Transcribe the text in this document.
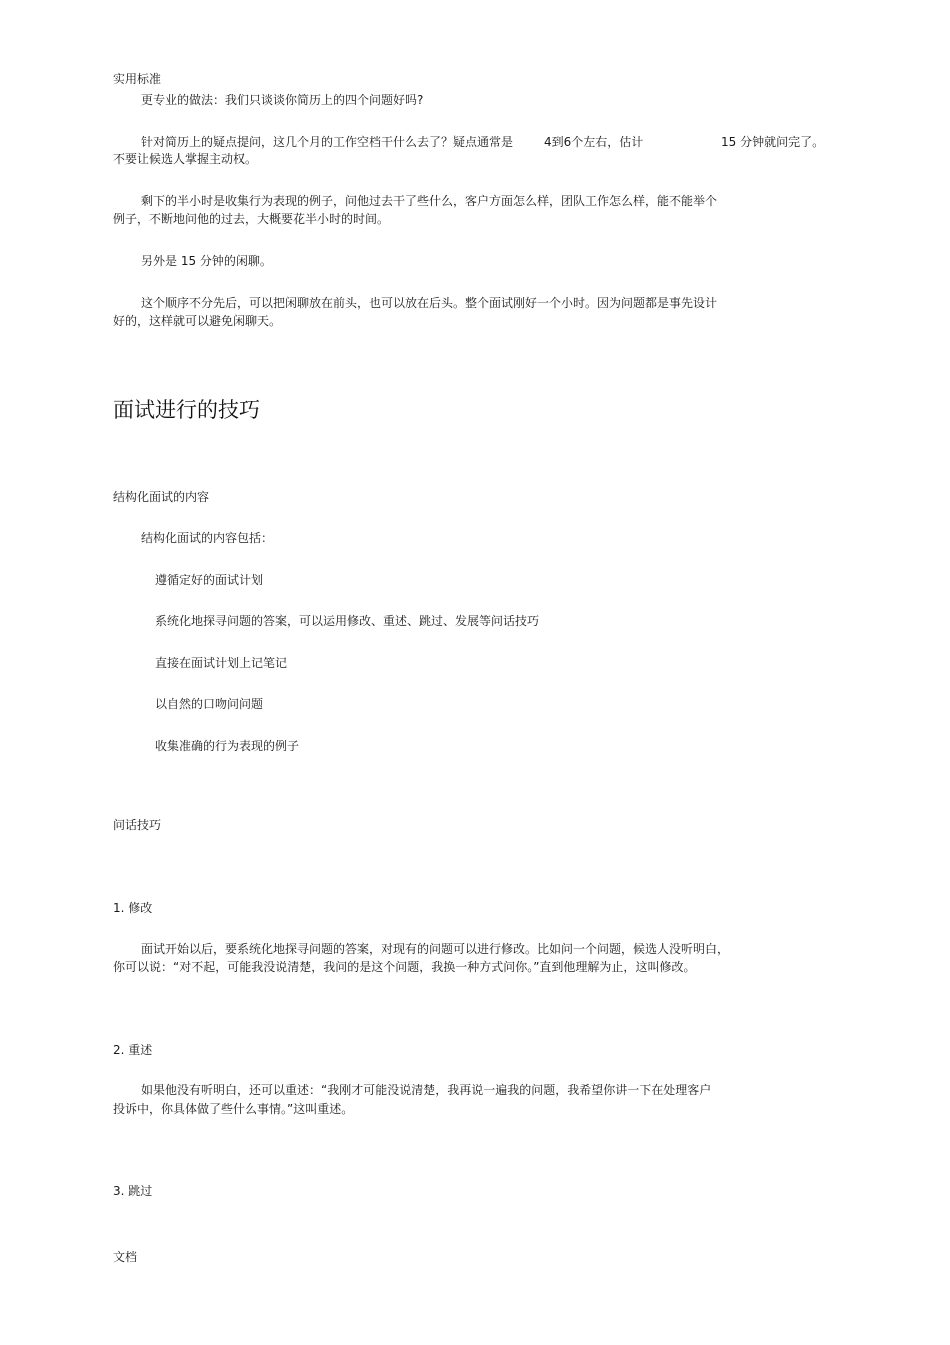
实用标准
更专业的做法：我们只谈谈你简历上的四个问题好吗?
针对简历上的疑点提问，这几个月的工作空档干什么去了？疑点通常是	4到6个左右，估计	15 分钟就问完了。
不要让候选人掌握主动权。
剩下的半小时是收集行为表现的例子，问他过去干了些什么，客户方面怎么样，团队工作怎么样，能不能举个
例子，不断地问他的过去，大概要花半小时的时间。
另外是 15 分钟的闲聊。
这个顺序不分先后，可以把闲聊放在前头，也可以放在后头。整个面试刚好一个小时。因为问题都是事先设计
好的，这样就可以避免闲聊天。
面试进行的技巧
结构化面试的内容
结构化面试的内容包括：
遵循定好的面试计划
系统化地探寻问题的答案，可以运用修改、重述、跳过、发展等问话技巧
直接在面试计划上记笔记
以自然的口吻问问题
收集准确的行为表现的例子
问话技巧
1. 修改
面试开始以后，要系统化地探寻问题的答案，对现有的问题可以进行修改。比如问一个问题，候选人没听明白，
你可以说：“对不起，可能我没说清楚，我问的是这个问题，我换一种方式问你。”直到他理解为止，这叫修改。
2. 重述
如果他没有听明白，还可以重述：“我刚才可能没说清楚，我再说一遍我的问题，我希望你讲一下在处理客户
投诉中，你具体做了些什么事情。”这叫重述。
3. 跳过
文档
